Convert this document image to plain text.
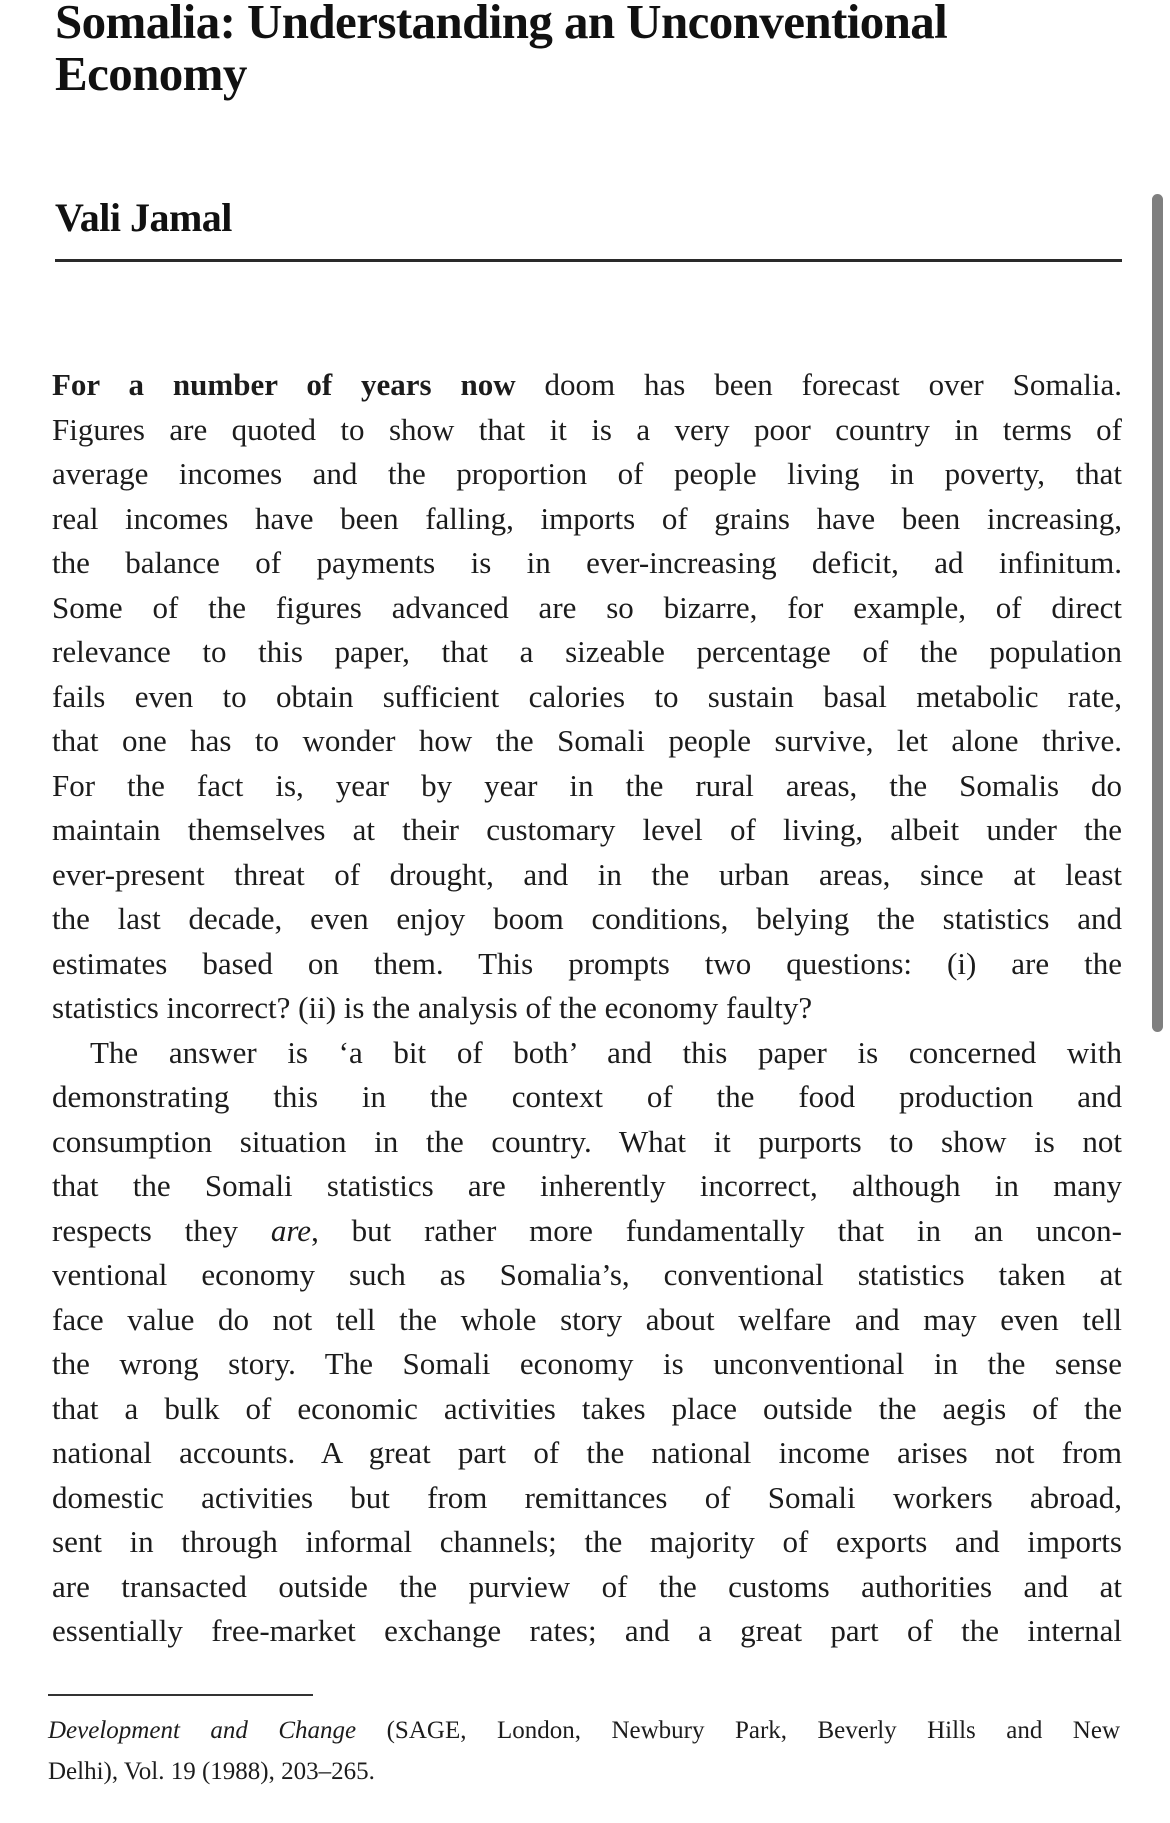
Somalia: Understanding an Unconventional
Economy
Vali Jamal
For a number of years now doom has been forecast over Somalia.
Figures are quoted to show that it is a very poor country in terms of
average incomes and the proportion of people living in poverty, that
real incomes have been falling, imports of grains have been increasing,
the balance of payments is in ever-increasing deficit, ad infinitum.
Some of the figures advanced are so bizarre, for example, of direct
relevance to this paper, that a sizeable percentage of the population
fails even to obtain sufficient calories to sustain basal metabolic rate,
that one has to wonder how the Somali people survive, let alone thrive.
For the fact is, year by year in the rural areas, the Somalis do
maintain themselves at their customary level of living, albeit under the
ever-present threat of drought, and in the urban areas, since at least
the last decade, even enjoy boom conditions, belying the statistics and
estimates based on them. This prompts two questions: (i) are the
statistics incorrect? (ii) is the analysis of the economy faulty?
The answer is ‘a bit of both’ and this paper is concerned with
demonstrating this in the context of the food production and
consumption situation in the country. What it purports to show is not
that the Somali statistics are inherently incorrect, although in many
respects they are, but rather more fundamentally that in an uncon-
ventional economy such as Somalia’s, conventional statistics taken at
face value do not tell the whole story about welfare and may even tell
the wrong story. The Somali economy is unconventional in the sense
that a bulk of economic activities takes place outside the aegis of the
national accounts. A great part of the national income arises not from
domestic activities but from remittances of Somali workers abroad,
sent in through informal channels; the majority of exports and imports
are transacted outside the purview of the customs authorities and at
essentially free-market exchange rates; and a great part of the internal
Development and Change (SAGE, London, Newbury Park, Beverly Hills and New
Delhi), Vol. 19 (1988), 203–265.
